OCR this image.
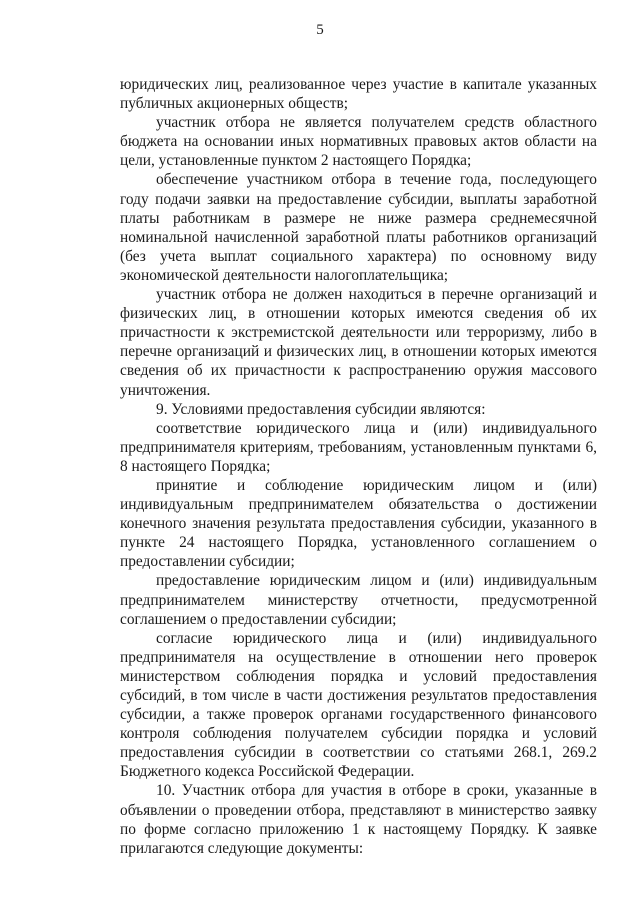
5

юридических лиц, реализованное через участие в капитале указанных публичных акционерных обществ;

участник отбора не является получателем средств областного бюджета на основании иных нормативных правовых актов области на цели, установленные пунктом 2 настоящего Порядка;

обеспечение участником отбора в течение года, последующего году подачи заявки на предоставление субсидии, выплаты заработной платы работникам в размере не ниже размера среднемесячной номинальной начисленной заработной платы работников организаций (без учета выплат социального характера) по основному виду экономической деятельности налогоплательщика;

участник отбора не должен находиться в перечне организаций и физических лиц, в отношении которых имеются сведения об их причастности к экстремистской деятельности или терроризму, либо в перечне организаций и физических лиц, в отношении которых имеются сведения об их причастности к распространению оружия массового уничтожения.

9. Условиями предоставления субсидии являются:

соответствие юридического лица и (или) индивидуального предпринимателя критериям, требованиям, установленным пунктами 6, 8 настоящего Порядка;

принятие и соблюдение юридическим лицом и (или) индивидуальным предпринимателем обязательства о достижении конечного значения результата предоставления субсидии, указанного в пункте 24 настоящего Порядка, установленного соглашением о предоставлении субсидии;

предоставление юридическим лицом и (или) индивидуальным предпринимателем министерству отчетности, предусмотренной соглашением о предоставлении субсидии;

согласие юридического лица и (или) индивидуального предпринимателя на осуществление в отношении него проверок министерством соблюдения порядка и условий предоставления субсидий, в том числе в части достижения результатов предоставления субсидии, а также проверок органами государственного финансового контроля соблюдения получателем субсидии порядка и условий предоставления субсидии в соответствии со статьями 268.1, 269.2 Бюджетного кодекса Российской Федерации.

10. Участник отбора для участия в отборе в сроки, указанные в объявлении о проведении отбора, представляют в министерство заявку по форме согласно приложению 1 к настоящему Порядку. К заявке прилагаются следующие документы:
